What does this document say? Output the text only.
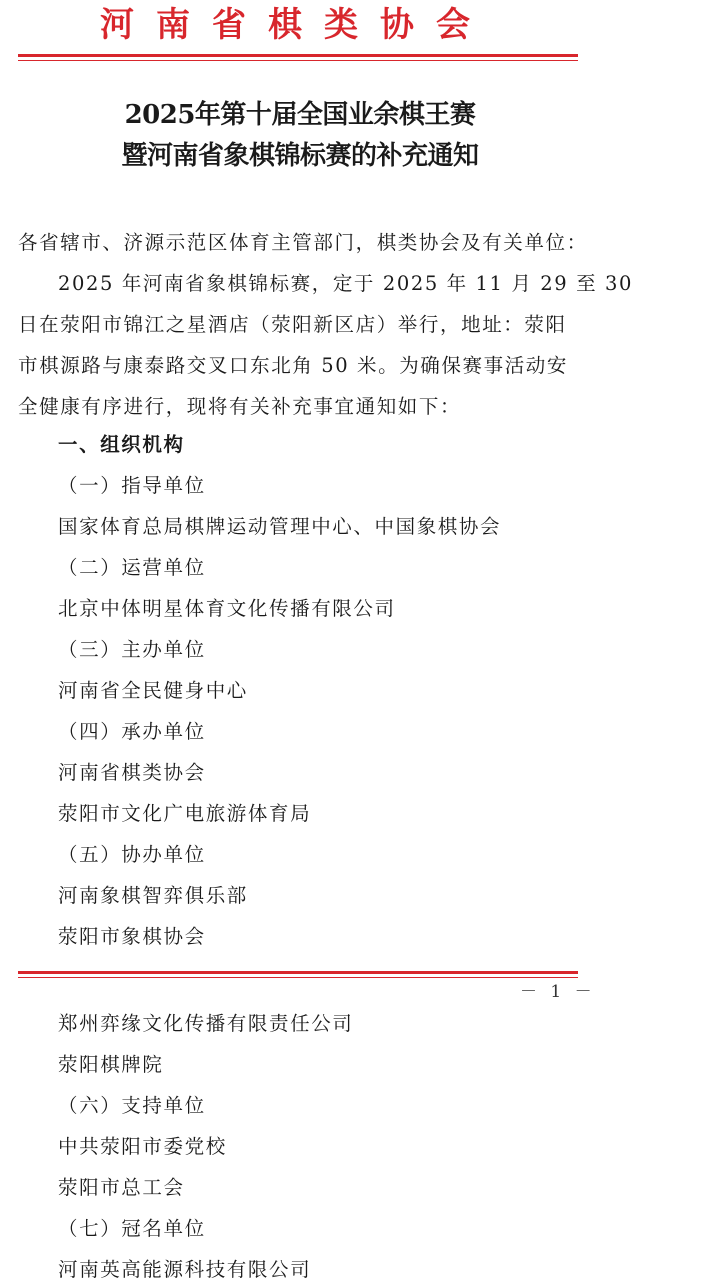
河南省棋类协会
2025年第十届全国业余棋王赛
暨河南省象棋锦标赛的补充通知
各省辖市、济源示范区体育主管部门，棋类协会及有关单位：
2025 年河南省象棋锦标赛，定于 2025 年 11 月 29 至 30
日在荥阳市锦江之星酒店（荥阳新区店）举行，地址：荥阳
市棋源路与康泰路交叉口东北角 50 米。为确保赛事活动安
全健康有序进行，现将有关补充事宜通知如下：
一、组织机构
（一）指导单位
国家体育总局棋牌运动管理中心、中国象棋协会
（二）运营单位
北京中体明星体育文化传播有限公司
（三）主办单位
河南省全民健身中心
（四）承办单位
河南省棋类协会
荥阳市文化广电旅游体育局
（五）协办单位
河南象棋智弈俱乐部
荥阳市象棋协会
－ 1 －
郑州弈缘文化传播有限责任公司
荥阳棋牌院
（六）支持单位
中共荥阳市委党校
荥阳市总工会
（七）冠名单位
河南英高能源科技有限公司
